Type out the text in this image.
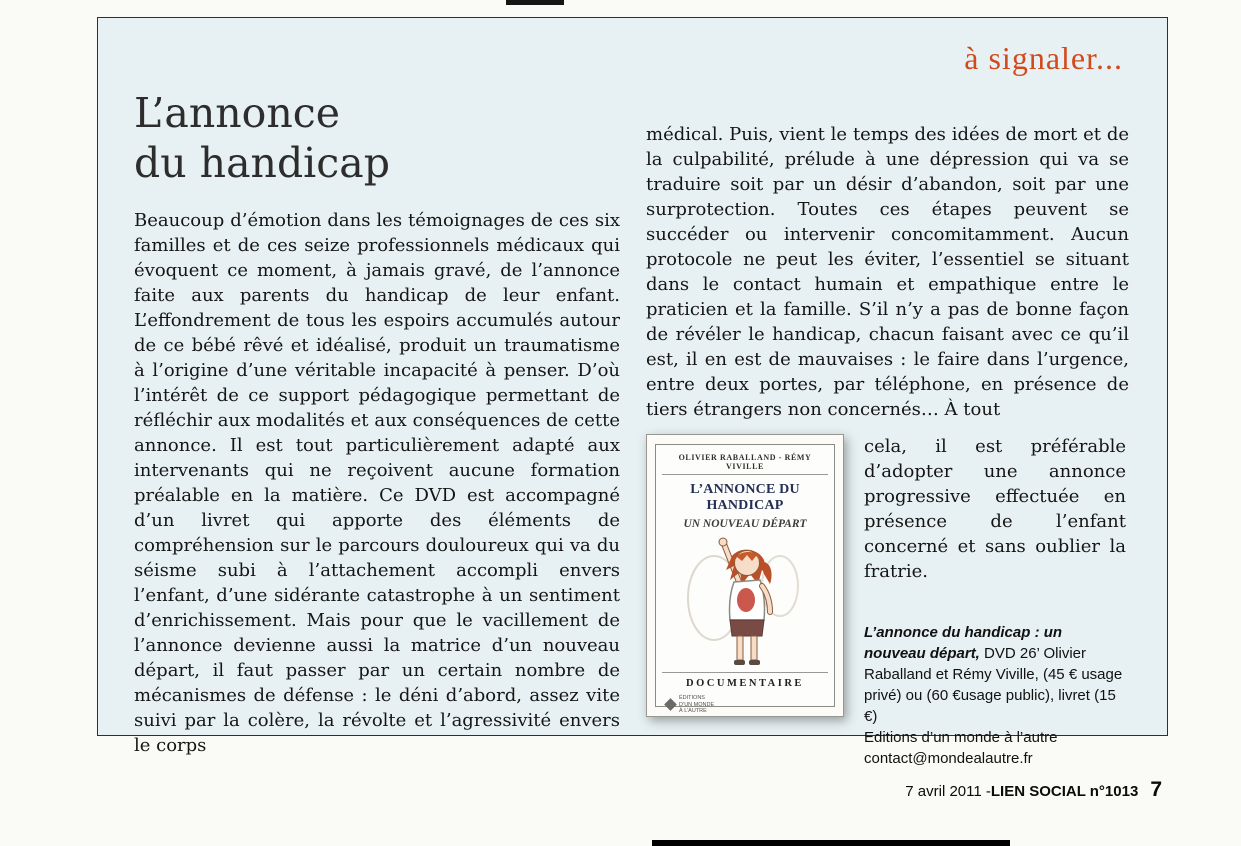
à signaler...
L’annonce
du handicap

Beaucoup d’émotion dans les témoignages de ces six familles et de ces seize professionnels médicaux qui évoquent ce moment, à jamais gravé, de l’annonce faite aux parents du handicap de leur enfant. L’effondrement de tous les espoirs accumulés autour de ce bébé rêvé et idéalisé, produit un traumatisme à l’origine d’une véritable incapacité à penser. D’où l’intérêt de ce support pédagogique permettant de réfléchir aux modalités et aux conséquences de cette annonce. Il est tout particulièrement adapté aux intervenants qui ne reçoivent aucune formation préalable en la matière. Ce DVD est accompagné d’un livret qui apporte des éléments de compréhension sur le parcours douloureux qui va du séisme subi à l’attachement accompli envers l’enfant, d’une sidérante catastrophe à un sentiment d’enrichissement. Mais pour que le vacillement de l’annonce devienne aussi la matrice d’un nouveau départ, il faut passer par un certain nombre de mécanismes de défense : le déni d’abord, assez vite suivi par la colère, la révolte et l’agressivité envers le corps

médical. Puis, vient le temps des idées de mort et de la culpabilité, prélude à une dépression qui va se traduire soit par un désir d’abandon, soit par une surprotection. Toutes ces étapes peuvent se succéder ou intervenir concomitamment. Aucun protocole ne peut les éviter, l’essentiel se situant dans le contact humain et empathique entre le praticien et la famille. S’il n’y a pas de bonne façon de révéler le handicap, chacun faisant avec ce qu’il est, il en est de mauvaises : le faire dans l’urgence, entre deux portes, par téléphone, en présence de tiers étrangers non concernés… À tout

OLIVIER RABALLAND - RÉMY VIVILLE
L’ANNONCE DU HANDICAP
UN NOUVEAU DÉPART
DOCUMENTAIRE
ÉDITIONS
D’UN MONDE
À L’AUTRE

cela, il est préférable d’adopter une annonce progressive effectuée en présence de l’enfant concerné et sans oublier la fratrie.

L’annonce du handicap : un nouveau départ, DVD 26’ Olivier Raballand et Rémy Viville, (45 € usage privé) ou (60 €usage public), livret (15 €)
Editions d’un monde à l’autre
contact@mondealautre.fr
7 avril 2011 - LIEN SOCIAL n°1013 7
